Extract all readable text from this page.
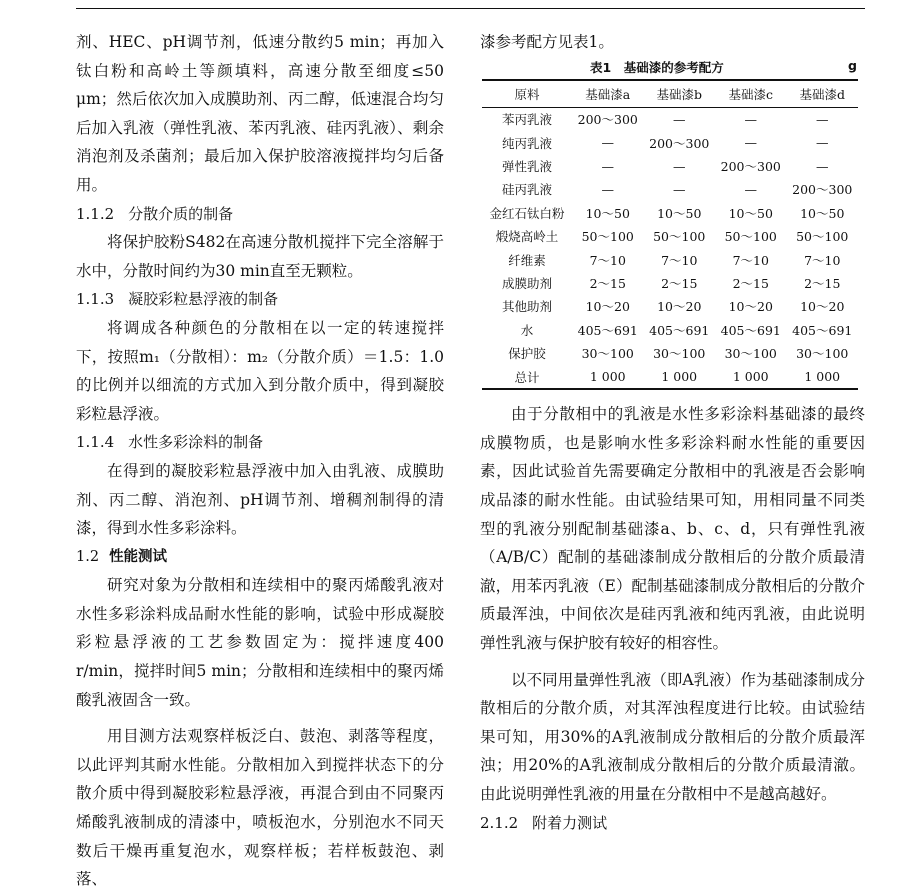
剂、HEC、pH调节剂，低速分散约5 min；再加入钛白粉和高岭土等颜填料，高速分散至细度≤50 μm；然后依次加入成膜助剂、丙二醇，低速混合均匀后加入乳液（弹性乳液、苯丙乳液、硅丙乳液）、剩余消泡剂及杀菌剂；最后加入保护胶溶液搅拌均匀后备用。

1.1.2 分散介质的制备

将保护胶粉S482在高速分散机搅拌下完全溶解于水中，分散时间约为30 min直至无颗粒。

1.1.3 凝胶彩粒悬浮液的制备

将调成各种颜色的分散相在以一定的转速搅拌下，按照m₁（分散相）：m₂（分散介质）＝1.5：1.0的比例并以细流的方式加入到分散介质中，得到凝胶彩粒悬浮液。

1.1.4 水性多彩涂料的制备

在得到的凝胶彩粒悬浮液中加入由乳液、成膜助剂、丙二醇、消泡剂、pH调节剂、增稠剂制得的清漆，得到水性多彩涂料。

1.2 性能测试

研究对象为分散相和连续相中的聚丙烯酸乳液对水性多彩涂料成品耐水性能的影响，试验中形成凝胶彩粒悬浮液的工艺参数固定为：搅拌速度400 r/min，搅拌时间5 min；分散相和连续相中的聚丙烯酸乳液固含一致。

用目测方法观察样板泛白、鼓泡、剥落等程度，以此评判其耐水性能。分散相加入到搅拌状态下的分散介质中得到凝胶彩粒悬浮液，再混合到由不同聚丙烯酸乳液制成的清漆中，喷板泡水，分别泡水不同天数后干燥再重复泡水，观察样板；若样板鼓泡、剥落、

漆参考配方见表1。

表1　基础漆的参考配方	g
原料	基础漆a	基础漆b	基础漆c	基础漆d
苯丙乳液	200～300	—	—	—
纯丙乳液	—	200～300	—	—
弹性乳液	—	—	200～300	—
硅丙乳液	—	—	—	200～300
金红石钛白粉	10～50	10～50	10～50	10～50
煅烧高岭土	50～100	50～100	50～100	50～100
纤维素	7～10	7～10	7～10	7～10
成膜助剂	2～15	2～15	2～15	2～15
其他助剂	10～20	10～20	10～20	10～20
水	405～691	405～691	405～691	405～691
保护胶	30～100	30～100	30～100	30～100
总计	1 000	1 000	1 000	1 000

由于分散相中的乳液是水性多彩涂料基础漆的最终成膜物质，也是影响水性多彩涂料耐水性能的重要因素，因此试验首先需要确定分散相中的乳液是否会影响成品漆的耐水性能。由试验结果可知，用相同量不同类型的乳液分别配制基础漆a、b、c、d，只有弹性乳液（A/B/C）配制的基础漆制成分散相后的分散介质最清澈，用苯丙乳液（E）配制基础漆制成分散相后的分散介质最浑浊，中间依次是硅丙乳液和纯丙乳液，由此说明弹性乳液与保护胶有较好的相容性。

以不同用量弹性乳液（即A乳液）作为基础漆制成分散相后的分散介质，对其浑浊程度进行比较。由试验结果可知，用30%的A乳液制成分散相后的分散介质最浑浊；用20%的A乳液制成分散相后的分散介质最清澈。由此说明弹性乳液的用量在分散相中不是越高越好。

2.1.2 附着力测试
